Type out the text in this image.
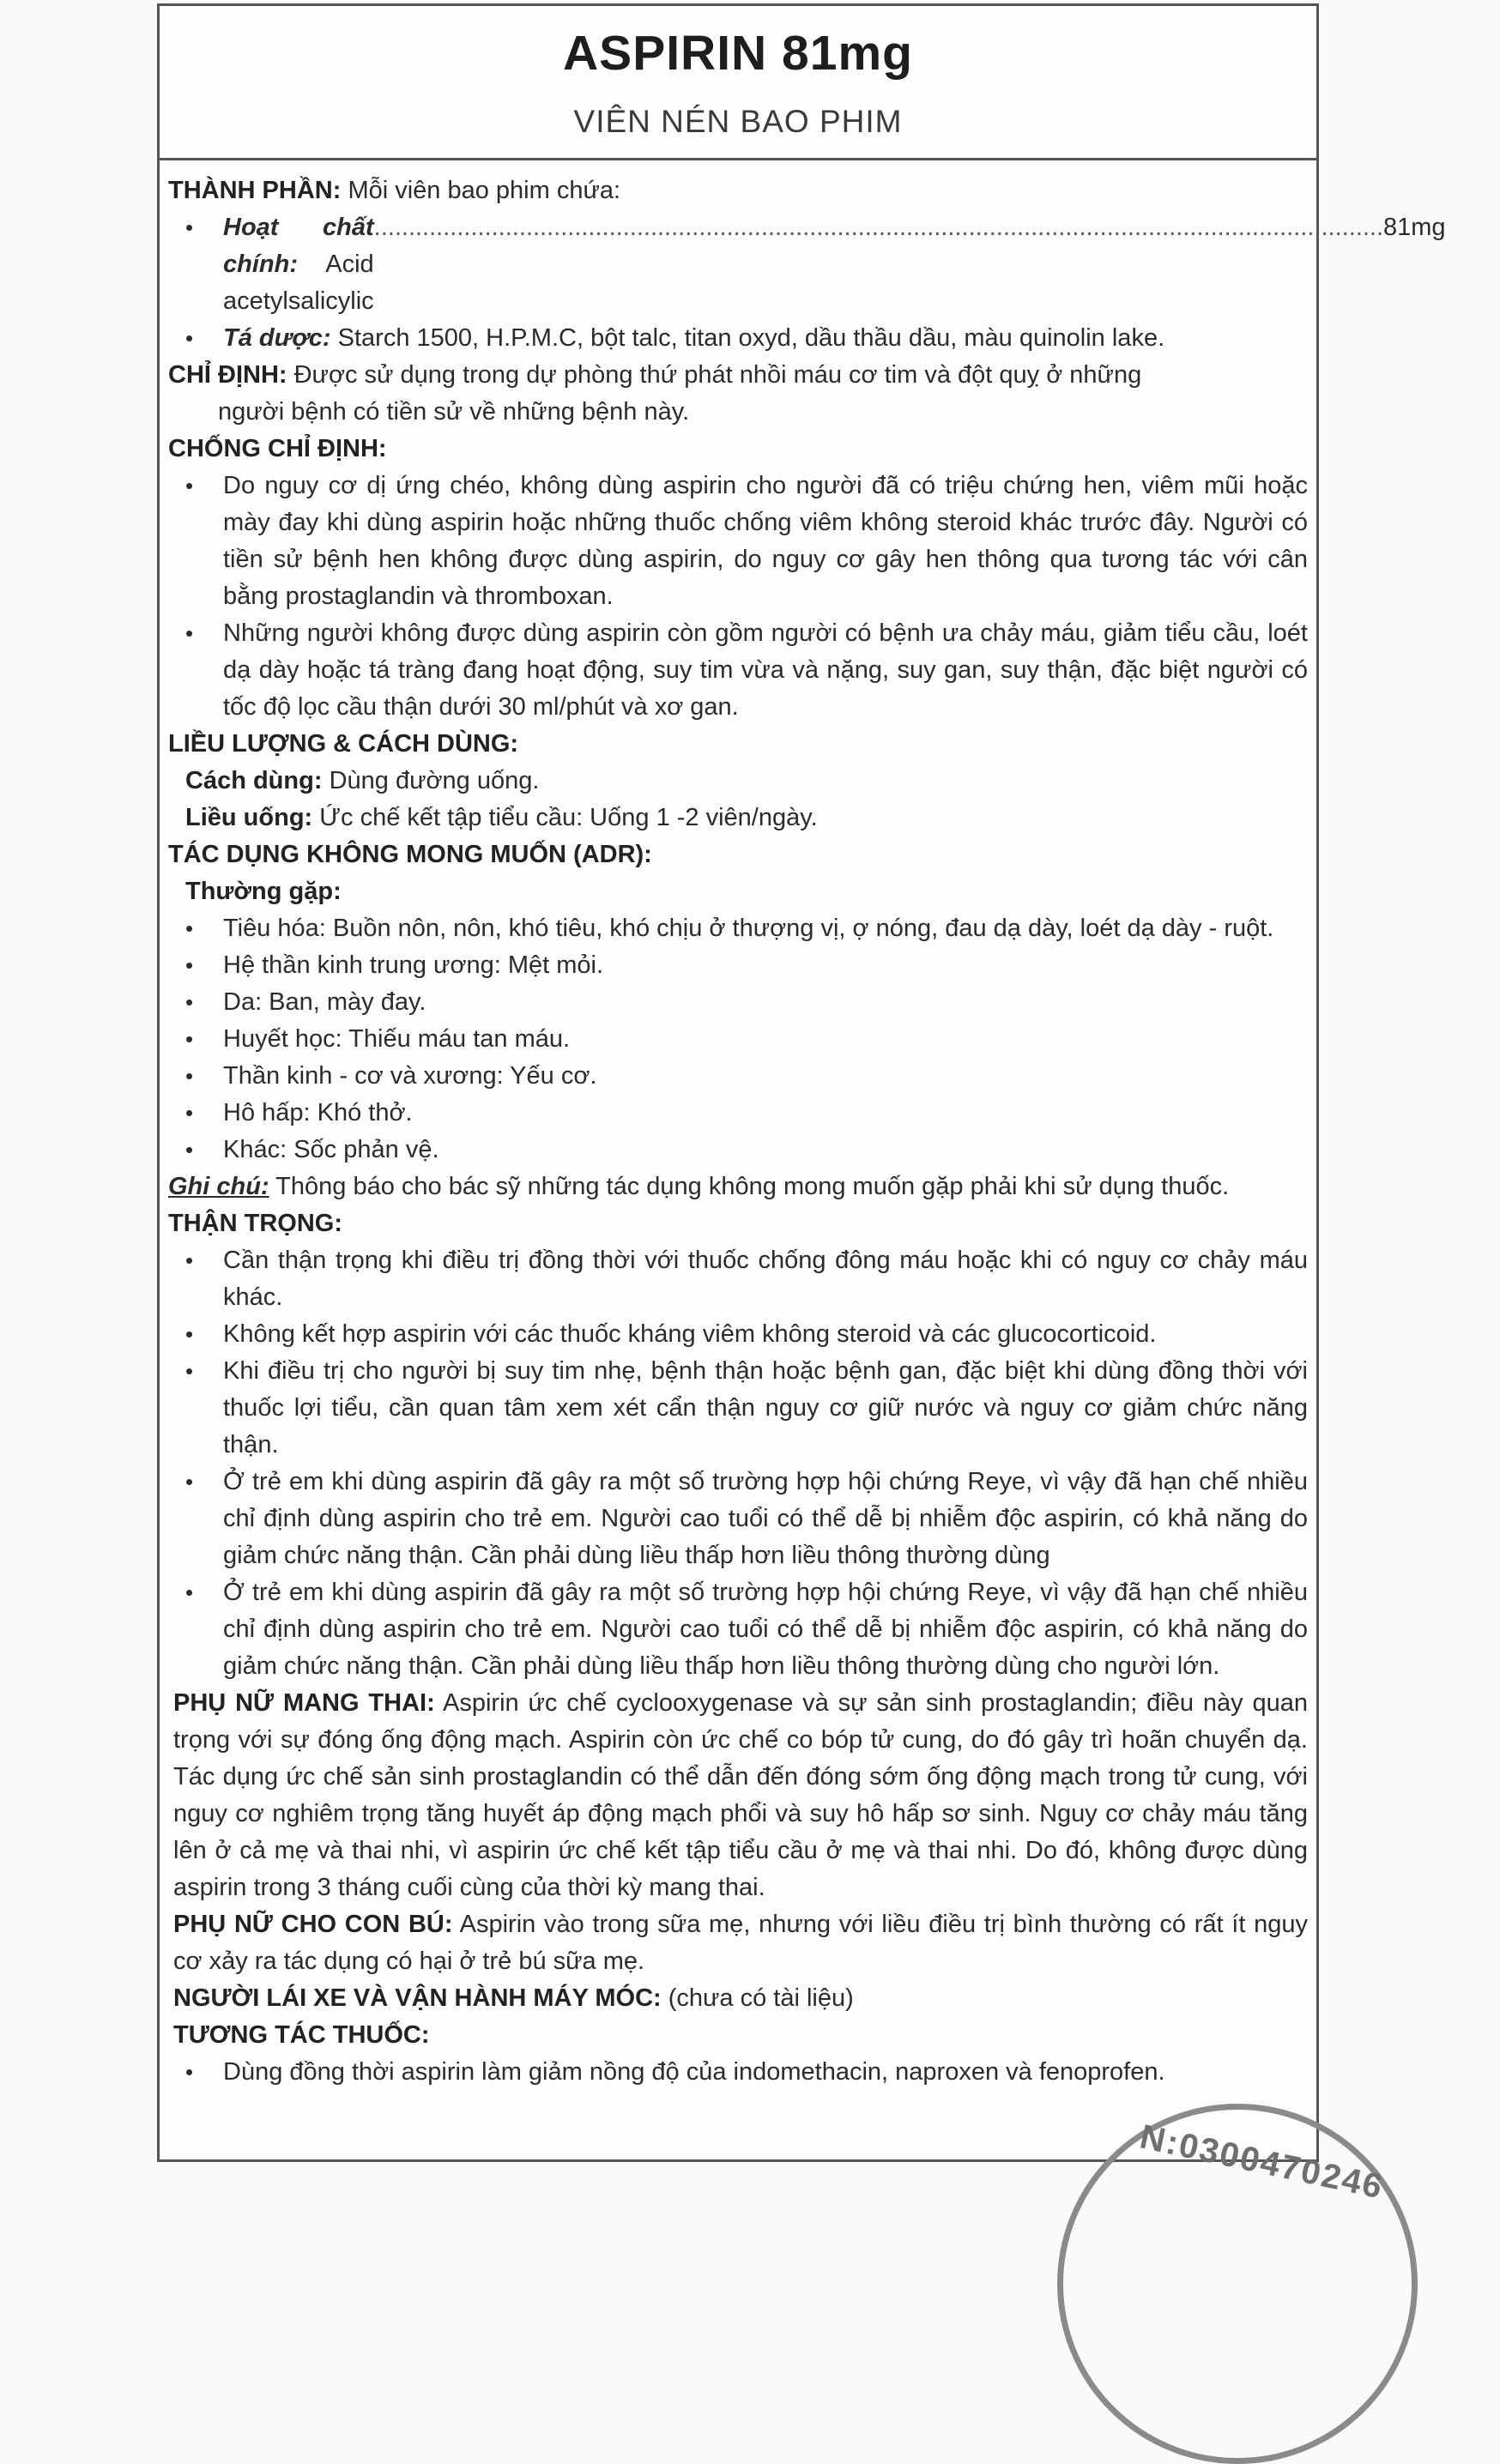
ASPIRIN 81mg
VIÊN NÉN BAO PHIM
THÀNH PHẦN: Mỗi viên bao phim chứa:
• Hoạt chất chính: Acid acetylsalicylic
.................................................................................................................................................. 81mg
• Tá dược: Starch 1500, H.P.M.C, bột talc, titan oxyd, dầu thầu dầu, màu quinolin lake.
CHỈ ĐỊNH: Được sử dụng trong dự phòng thứ phát nhồi máu cơ tim và đột quỵ ở những
người bệnh có tiền sử về những bệnh này.
CHỐNG CHỈ ĐỊNH:
• Do nguy cơ dị ứng chéo, không dùng aspirin cho người đã có triệu chứng hen, viêm mũi hoặc mày đay khi dùng aspirin hoặc những thuốc chống viêm không steroid khác trước đây. Người có tiền sử bệnh hen không được dùng aspirin, do nguy cơ gây hen thông qua tương tác với cân bằng prostaglandin và thromboxan.
• Những người không được dùng aspirin còn gồm người có bệnh ưa chảy máu, giảm tiểu cầu, loét dạ dày hoặc tá tràng đang hoạt động, suy tim vừa và nặng, suy gan, suy thận, đặc biệt người có tốc độ lọc cầu thận dưới 30 ml/phút và xơ gan.
LIỀU LƯỢNG & CÁCH DÙNG:
Cách dùng: Dùng đường uống.
Liều uống: Ức chế kết tập tiểu cầu: Uống 1 -2 viên/ngày.
TÁC DỤNG KHÔNG MONG MUỐN (ADR):
Thường gặp:
• Tiêu hóa: Buồn nôn, nôn, khó tiêu, khó chịu ở thượng vị, ợ nóng, đau dạ dày, loét dạ dày - ruột.
• Hệ thần kinh trung ương: Mệt mỏi.
• Da: Ban, mày đay.
• Huyết học: Thiếu máu tan máu.
• Thần kinh - cơ và xương: Yếu cơ.
• Hô hấp: Khó thở.
• Khác: Sốc phản vệ.
Ghi chú: Thông báo cho bác sỹ những tác dụng không mong muốn gặp phải khi sử dụng thuốc.
THẬN TRỌNG:
• Cần thận trọng khi điều trị đồng thời với thuốc chống đông máu hoặc khi có nguy cơ chảy máu khác.
• Không kết hợp aspirin với các thuốc kháng viêm không steroid và các glucocorticoid.
• Khi điều trị cho người bị suy tim nhẹ, bệnh thận hoặc bệnh gan, đặc biệt khi dùng đồng thời với thuốc lợi tiểu, cần quan tâm xem xét cẩn thận nguy cơ giữ nước và nguy cơ giảm chức năng thận.
• Ở trẻ em khi dùng aspirin đã gây ra một số trường hợp hội chứng Reye, vì vậy đã hạn chế nhiều chỉ định dùng aspirin cho trẻ em. Người cao tuổi có thể dễ bị nhiễm độc aspirin, có khả năng do giảm chức năng thận. Cần phải dùng liều thấp hơn liều thông thường dùng
• Ở trẻ em khi dùng aspirin đã gây ra một số trường hợp hội chứng Reye, vì vậy đã hạn chế nhiều chỉ định dùng aspirin cho trẻ em. Người cao tuổi có thể dễ bị nhiễm độc aspirin, có khả năng do giảm chức năng thận. Cần phải dùng liều thấp hơn liều thông thường dùng cho người lớn.
PHỤ NỮ MANG THAI: Aspirin ức chế cyclooxygenase và sự sản sinh prostaglandin; điều này quan trọng với sự đóng ống động mạch. Aspirin còn ức chế co bóp tử cung, do đó gây trì hoãn chuyển dạ. Tác dụng ức chế sản sinh prostaglandin có thể dẫn đến đóng sớm ống động mạch trong tử cung, với nguy cơ nghiêm trọng tăng huyết áp động mạch phổi và suy hô hấp sơ sinh. Nguy cơ chảy máu tăng lên ở cả mẹ và thai nhi, vì aspirin ức chế kết tập tiểu cầu ở mẹ và thai nhi. Do đó, không được dùng aspirin trong 3 tháng cuối cùng của thời kỳ mang thai.
PHỤ NỮ CHO CON BÚ: Aspirin vào trong sữa mẹ, nhưng với liều điều trị bình thường có rất ít nguy cơ xảy ra tác dụng có hại ở trẻ bú sữa mẹ.
NGƯỜI LÁI XE VÀ VẬN HÀNH MÁY MÓC: (chưa có tài liệu)
TƯƠNG TÁC THUỐC:
• Dùng đồng thời aspirin làm giảm nồng độ của indomethacin, naproxen và fenoprofen.
N:0300470246
